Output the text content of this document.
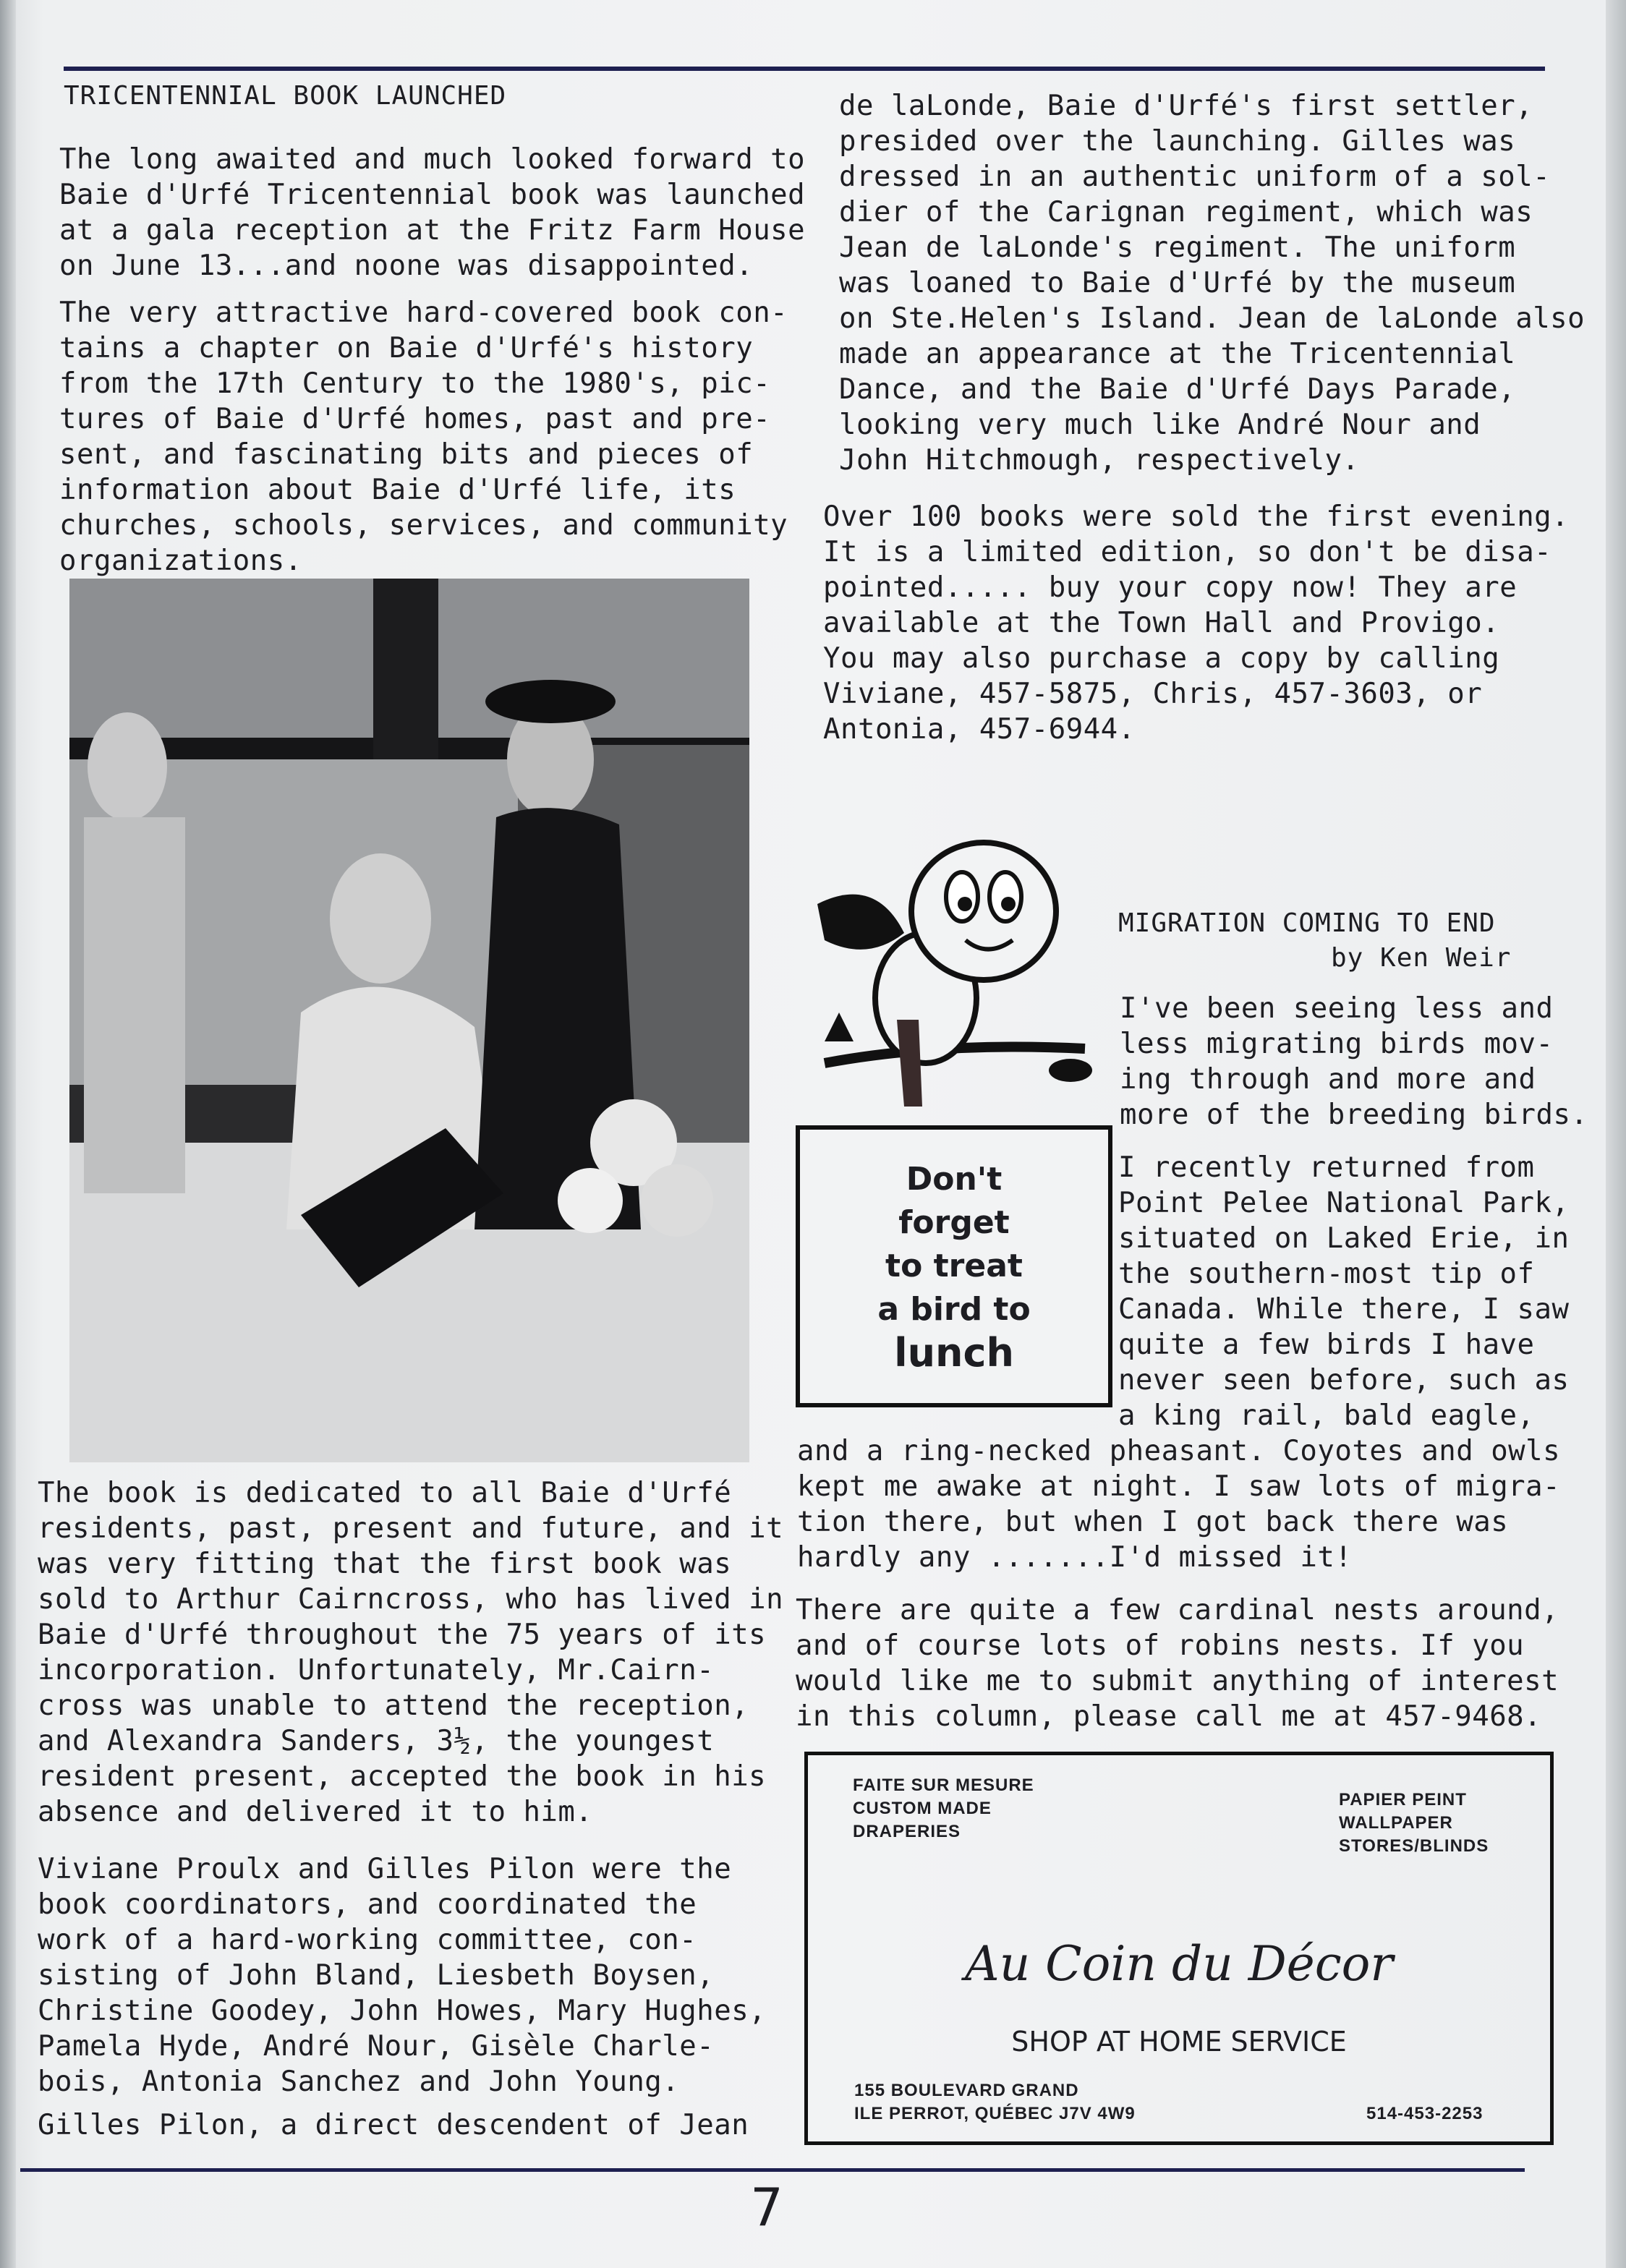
TRICENTENNIAL BOOK LAUNCHED
The long awaited and much looked forward to
Baie d'Urfé Tricentennial book was launched
at a gala reception at the Fritz Farm House
on June 13...and noone was disappointed.
The very attractive hard-covered book con-
tains a chapter on Baie d'Urfé's history
from the 17th Century to the 1980's, pic-
tures of Baie d'Urfé homes, past and pre-
sent, and fascinating bits and pieces of
information about Baie d'Urfé life, its
churches, schools, services, and community
organizations.
The book is dedicated to all Baie d'Urfé
residents, past, present and future, and it
was very fitting that the first book was
sold to Arthur Cairncross, who has lived in
Baie d'Urfé throughout the 75 years of its
incorporation. Unfortunately, Mr.Cairn-
cross was unable to attend the reception,
and Alexandra Sanders, 3½, the youngest
resident present, accepted the book in his
absence and delivered it to him.
Viviane Proulx and Gilles Pilon were the
book coordinators, and coordinated the
work of a hard-working committee, con-
sisting of John Bland, Liesbeth Boysen,
Christine Goodey, John Howes, Mary Hughes,
Pamela Hyde, André Nour, Gisèle Charle-
bois, Antonia Sanchez and John Young.
Gilles Pilon, a direct descendent of Jean
de laLonde, Baie d'Urfé's first settler,
presided over the launching. Gilles was
dressed in an authentic uniform of a sol-
dier of the Carignan regiment, which was
Jean de laLonde's regiment. The uniform
was loaned to Baie d'Urfé by the museum
on Ste.Helen's Island. Jean de laLonde also
made an appearance at the Tricentennial
Dance, and the Baie d'Urfé Days Parade,
looking very much like André Nour and
John Hitchmough, respectively.
Over 100 books were sold the first evening.
It is a limited edition, so don't be disa-
pointed..... buy your copy now! They are
available at the Town Hall and Provigo.
You may also purchase a copy by calling
Viviane, 457-5875, Chris, 457-3603, or
Antonia, 457-6944.
Don't
forget
to treat
a bird to
lunch
MIGRATION COMING TO END
by Ken Weir
I've been seeing less and
less migrating birds mov-
ing through and more and
more of the breeding birds.
I recently returned from
Point Pelee National Park,
situated on Laked Erie, in
the southern-most tip of
Canada. While there, I saw
quite a few birds I have
never seen before, such as
a king rail, bald eagle,
and a ring-necked pheasant. Coyotes and owls
kept me awake at night. I saw lots of migra-
tion there, but when I got back there was
hardly any .......I'd missed it!
There are quite a few cardinal nests around,
and of course lots of robins nests. If you
would like me to submit anything of interest
in this column, please call me at 457-9468.
FAITE SUR MESURE
CUSTOM MADE
DRAPERIES
PAPIER PEINT
WALLPAPER
STORES/BLINDS
Au Coin du Décor
SHOP AT HOME SERVICE
155 BOULEVARD GRAND
ILE PERROT, QUÉBEC J7V 4W9	514-453-2253
7
